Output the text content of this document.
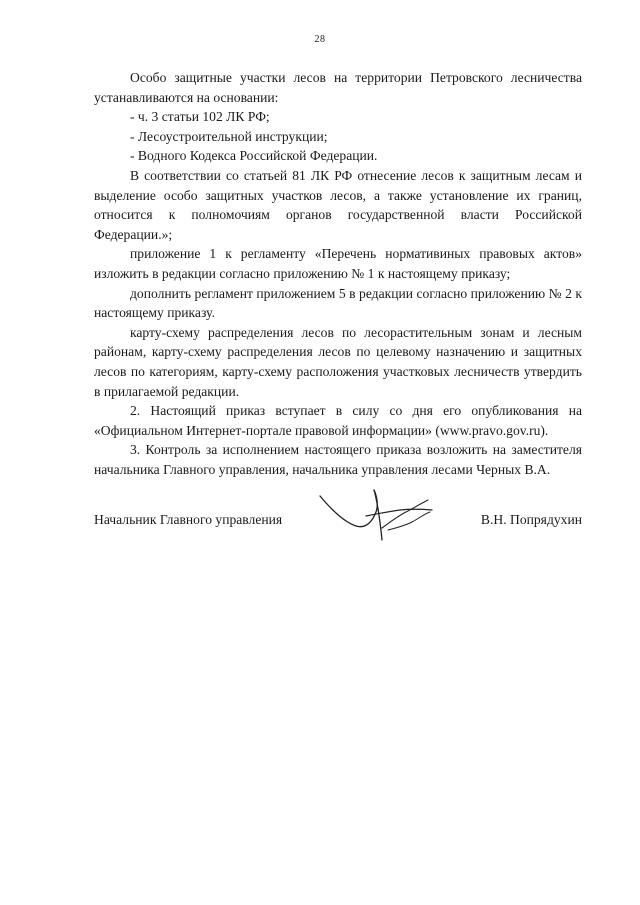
28

Особо защитные участки лесов на территории Петровского лесничества устанавливаются на основании:

- ч. 3 статьи 102 ЛК РФ;

- Лесоустроительной инструкции;

- Водного Кодекса Российской Федерации.

В соответствии со статьей 81 ЛК РФ отнесение лесов к защитным лесам и выделение особо защитных участков лесов, а также установление их границ, относится к полномочиям органов государственной власти Российской Федерации.»;

приложение 1 к регламенту «Перечень нормативиных правовых актов» изложить в редакции согласно приложению № 1 к настоящему приказу;

дополнить регламент приложением 5 в редакции согласно приложению № 2 к настоящему приказу.

карту-схему распределения лесов по лесорастительным зонам и лесным районам, карту-схему распределения лесов по целевому назначению и защитных лесов по категориям, карту-схему расположения участковых лесничеств утвердить в прилагаемой редакции.

2. Настоящий приказ вступает в силу со дня его опубликования на «Официальном Интернет-портале правовой информации» (www.pravo.gov.ru).

3. Контроль за исполнением настоящего приказа возложить на заместителя начальника Главного управления, начальника управления лесами Черных В.А.

Начальник Главного управления	В.Н. Попрядухин
